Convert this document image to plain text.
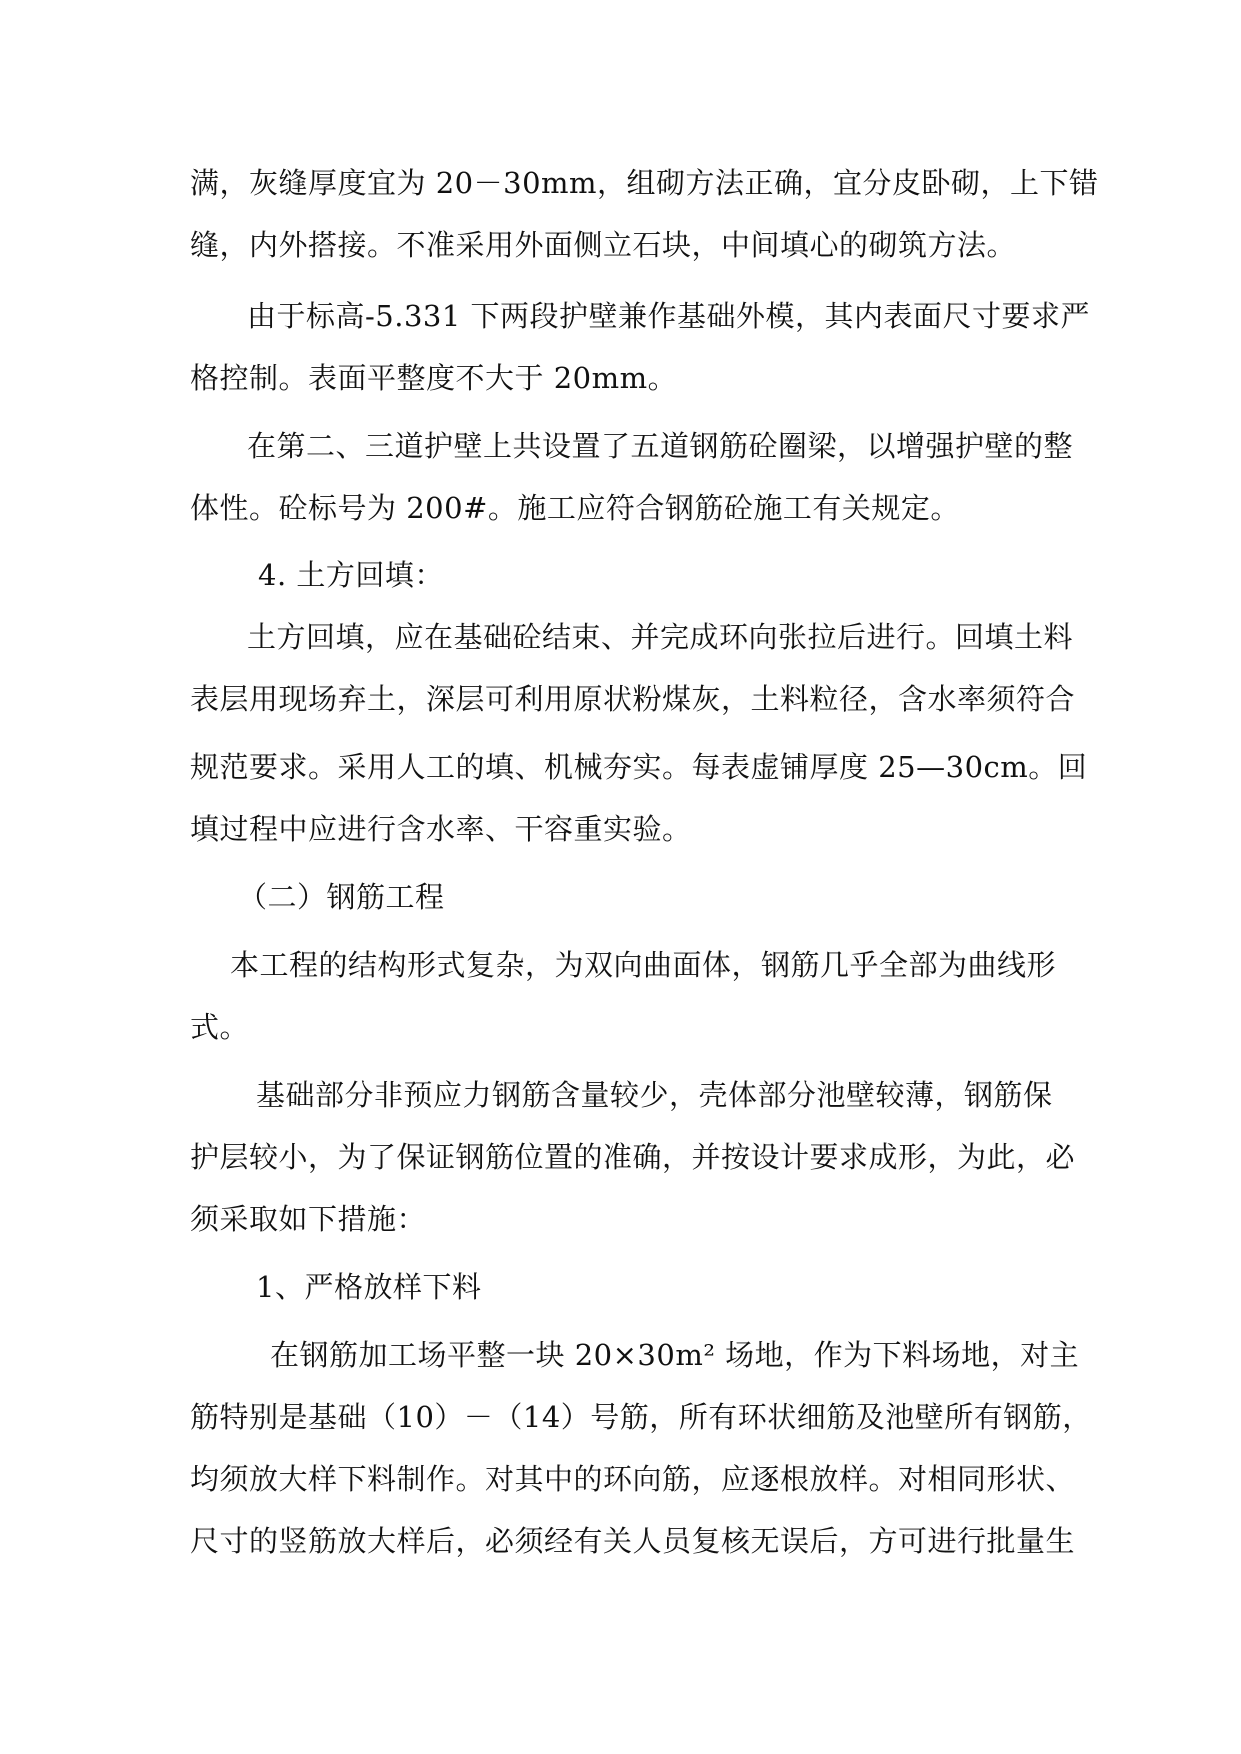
满，灰缝厚度宜为 20－30mm，组砌方法正确，宜分皮卧砌，上下错
缝，内外搭接。不准采用外面侧立石块，中间填心的砌筑方法。
由于标高-5.331 下两段护壁兼作基础外模，其内表面尺寸要求严
格控制。表面平整度不大于 20mm。
在第二、三道护壁上共设置了五道钢筋砼圈梁，以增强护壁的整
体性。砼标号为 200#。施工应符合钢筋砼施工有关规定。
4. 土方回填：
土方回填，应在基础砼结束、并完成环向张拉后进行。回填土料
表层用现场弃土，深层可利用原状粉煤灰，土料粒径，含水率须符合
规范要求。采用人工的填、机械夯实。每表虚铺厚度 25—30cm。回
填过程中应进行含水率、干容重实验。
（二）钢筋工程
本工程的结构形式复杂，为双向曲面体，钢筋几乎全部为曲线形
式。
基础部分非预应力钢筋含量较少，壳体部分池壁较薄，钢筋保
护层较小，为了保证钢筋位置的准确，并按设计要求成形，为此，必
须采取如下措施：
1、严格放样下料
在钢筋加工场平整一块 20×30m² 场地，作为下料场地，对主
筋特别是基础（10）－（14）号筋，所有环状细筋及池壁所有钢筋，
均须放大样下料制作。对其中的环向筋，应逐根放样。对相同形状、
尺寸的竖筋放大样后，必须经有关人员复核无误后，方可进行批量生
